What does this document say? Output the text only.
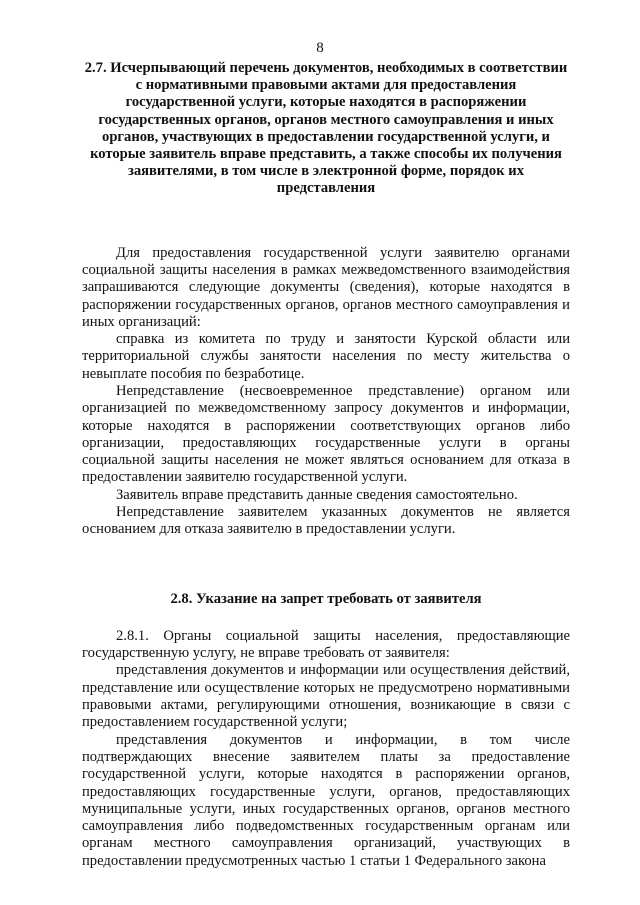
8

2.7. Исчерпывающий перечень документов, необходимых в соответствии с нормативными правовыми актами для предоставления государственной услуги, которые находятся в распоряжении государственных органов, органов местного самоуправления и иных органов, участвующих в предоставлении государственной услуги, и которые заявитель вправе представить, а также способы их получения заявителями, в том числе в электронной форме, порядок их представления

Для предоставления государственной услуги заявителю органами социальной защиты населения в рамках межведомственного взаимодействия запрашиваются следующие документы (сведения), которые находятся в распоряжении государственных органов, органов местного самоуправления и иных организаций:

справка из комитета по труду и занятости Курской области или территориальной службы занятости населения по месту жительства о невыплате пособия по безработице.

Непредставление (несвоевременное представление) органом или организацией по межведомственному запросу документов и информации, которые находятся в распоряжении соответствующих органов либо организации, предоставляющих государственные услуги в органы социальной защиты населения не может являться основанием для отказа в предоставлении заявителю государственной услуги.

Заявитель вправе представить данные сведения самостоятельно.

Непредставление заявителем указанных документов не является основанием для отказа заявителю в предоставлении услуги.

2.8. Указание на запрет требовать от заявителя

2.8.1. Органы социальной защиты населения, предоставляющие государственную услугу, не вправе требовать от заявителя:

представления документов и информации или осуществления действий, представление или осуществление которых не предусмотрено нормативными правовыми актами, регулирующими отношения, возникающие в связи с предоставлением государственной услуги;

представления документов и информации, в том числе подтверждающих внесение заявителем платы за предоставление государственной услуги, которые находятся в распоряжении органов, предоставляющих государственные услуги, органов, предоставляющих муниципальные услуги, иных государственных органов, органов местного самоуправления либо подведомственных государственным органам или органам местного самоуправления организаций, участвующих в предоставлении предусмотренных частью 1 статьи 1 Федерального закона
